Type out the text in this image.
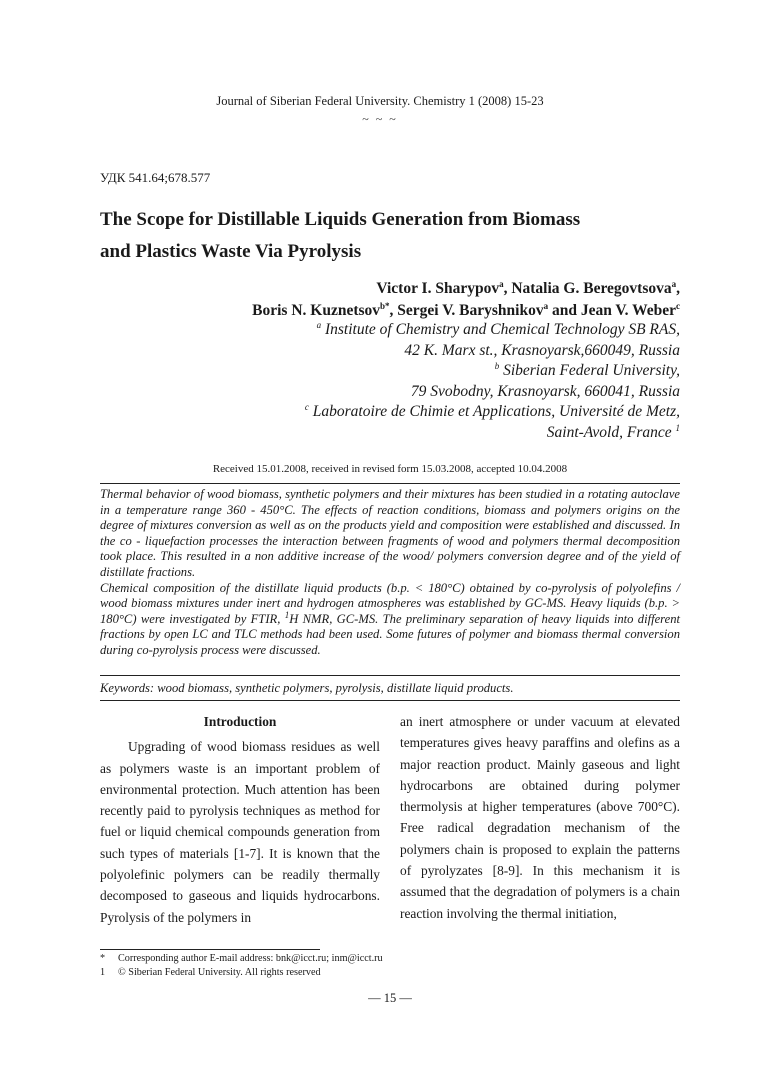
Journal of Siberian Federal University. Chemistry 1 (2008) 15-23
~ ~ ~
УДК 541.64;678.577
The Scope for Distillable Liquids Generation from Biomass
and Plastics Waste Via Pyrolysis
Victor I. Sharypov$^a$, Natalia G. Beregovtsova$^a$,
Boris N. Kuznetsov$^{b*}$, Sergei V. Baryshnikov$^a$ and Jean V. Weber$^c$
$^a$ Institute of Chemistry and Chemical Technology SB RAS,
42 K. Marx st., Krasnoyarsk,660049, Russia
$^b$ Siberian Federal University,
79 Svobodny, Krasnoyarsk, 660041, Russia
$^c$ Laboratoire de Chimie et Applications, Université de Metz,
Saint-Avold, France $^1$
Received 15.01.2008, received in revised form 15.03.2008, accepted 10.04.2008

Thermal behavior of wood biomass, synthetic polymers and their mixtures has been studied in a rotating autoclave in a temperature range 360 - 450°C. The effects of reaction conditions, biomass and polymers origins on the degree of mixtures conversion as well as on the products yield and composition were established and discussed. In the co - liquefaction processes the interaction between fragments of wood and polymers thermal decomposition took place. This resulted in a non additive increase of the wood/ polymers conversion degree and of the yield of distillate fractions.

Chemical composition of the distillate liquid products (b.p. < 180°C) obtained by co-pyrolysis of polyolefins / wood biomass mixtures under inert and hydrogen atmospheres was established by GC-MS. Heavy liquids (b.p. > 180°C) were investigated by FTIR, $^1$H NMR, GC-MS. The preliminary separation of heavy liquids into different fractions by open LC and TLC methods had been used. Some futures of polymer and biomass thermal conversion during co-pyrolysis process were discussed.

Keywords: wood biomass, synthetic polymers, pyrolysis, distillate liquid products.

Introduction

Upgrading of wood biomass residues as well as polymers waste is an important problem of environmental protection. Much attention has been recently paid to pyrolysis techniques as method for fuel or liquid chemical compounds generation from such types of materials [1-7]. It is known that the polyolefinic polymers can be readily thermally decomposed to gaseous and liquids hydrocarbons. Pyrolysis of the polymers in

an inert atmosphere or under vacuum at elevated temperatures gives heavy paraffins and olefins as a major reaction product. Mainly gaseous and light hydrocarbons are obtained during polymer thermolysis at higher temperatures (above 700°C). Free radical degradation mechanism of the polymers chain is proposed to explain the patterns of pyrolyzates [8-9]. In this mechanism it is assumed that the degradation of polymers is a chain reaction involving the thermal initiation,

* Corresponding author E-mail address: bnk@icct.ru; inm@icct.ru
1 © Siberian Federal University. All rights reserved
— 15 —
